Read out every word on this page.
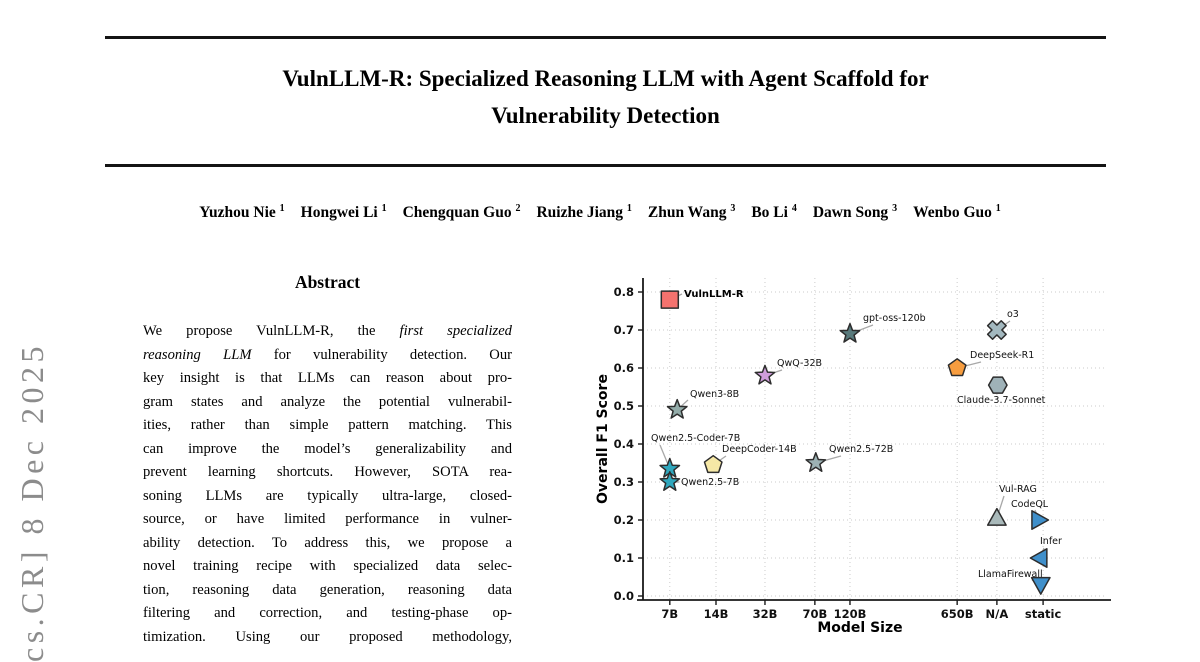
cs.CR] 8 Dec 2025
VulnLLM-R: Specialized Reasoning LLM with Agent Scaffold for
Vulnerability Detection
Yuzhou Nie $^1$ Hongwei Li $^1$ Chengquan Guo $^2$ Ruizhe Jiang $^1$ Zhun Wang $^3$ Bo Li $^4$ Dawn Song $^3$ Wenbo Guo $^1$
Abstract
We propose VulnLLM-R, the first specialized
reasoning LLM for vulnerability detection. Our
key insight is that LLMs can reason about pro-
gram states and analyze the potential vulnerabil-
ities, rather than simple pattern matching. This
can improve the model’s generalizability and
prevent learning shortcuts. However, SOTA rea-
soning LLMs are typically ultra-large, closed-
source, or have limited performance in vulner-
ability detection. To address this, we propose a
novel training recipe with specialized data selec-
tion, reasoning data generation, reasoning data
filtering and correction, and testing-phase op-
timization. Using our proposed methodology,
0.0
0.1
0.2
0.3
0.4
0.5
0.6
0.7
0.8
7B 14B 32B 70B 120B	650B N/A static
Overall F1 Score
Model Size
VulnLLM-R
Qwen3-8B
Qwen2.5-Coder-7B
Qwen2.5-7B
DeepCoder-14B
QwQ-32B
Qwen2.5-72B
gpt-oss-120b	o3
DeepSeek-R1
Claude-3.7-Sonnet
Vul-RAG
CodeQL
Infer
LlamaFirewall
